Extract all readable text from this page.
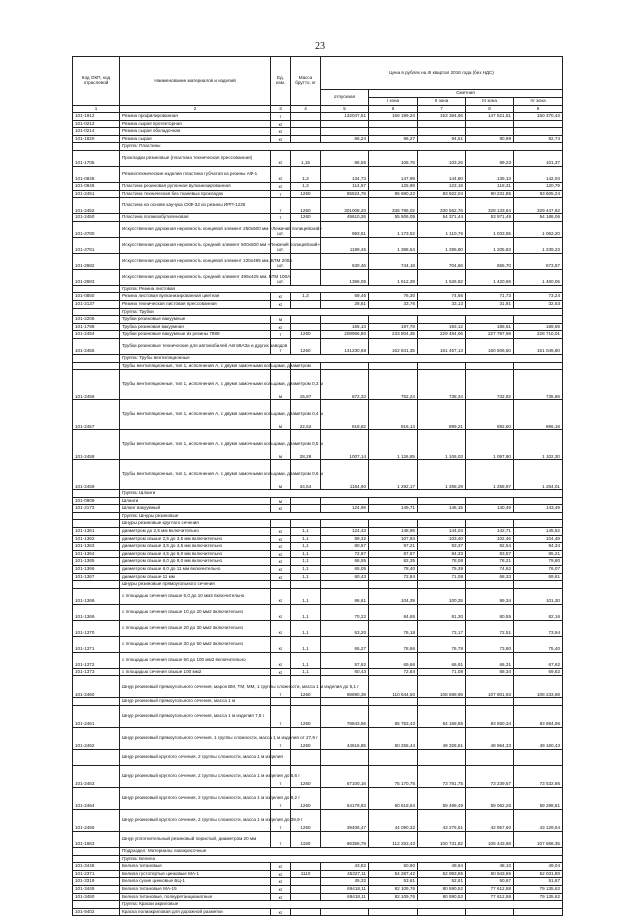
23
Код ОКП, код отраслевой	Наименование материалов и изделий	Ед. изм.	Масса брутто, кг	Цена в рублях на III квартал 2016 года (без НДС)				
				отпускная	Сметная			
					I зона	II зона	III зона	IV зона
1	2	3	4	5	6	7	8	9
101-1912	Резина профилированная	т		132047,51	156 199,24	153 384,66	147 521,51	150 370,43
101-0213	Резина сырая протекторная	кг						
101-0214	Резина сырая обкладочная	кг						
101-1820	Резина сырая	кг		86,24	96,27	94,51	90,99	92,74
	Группа: Пластины							
101-1705	Прокладки резиновые (пластина техническая прессованная)	кг	1,15	85,55	105,76	103,26	99,23	101,37
101-0848	Резинотехнические изделия пластина губчатая из резины АФ-1	кг	1,3	134,73	147,99	144,80	139,13	142,04
101-0849	Пластина резиновая рулонная вулканизированная	кг	1,3	114,67	125,98	123,18	118,31	120,79
101-2451	Пластина техническая без тканевых прокладок	т	1260	85524,76	95 690,22	93 922,04	90 231,85	93 605,24
101-2452	Пластина на основе каучука СКФ-32 из резины ИРП-1225	т	1260	301008,20	336 786,02	330 562,76	328 133,64	329 447,82
101-2450	Пластина полиизобутиленовая	т	1260	49610,26	55 506,05	54 371,44	53 971,49	54 188,06
101-2780	Искусственная дорожная неровность концевой элемент 250х500 мм «Лежачий полицейский»	шт.		993,61	1 173,52	1 110,76	1 033,55	1 062,20
101-2781	Искусственная дорожная неровность средний элемент 500х500 мм «Лежачий полицейский»	шт.		1199,45	1 388,54	1 295,90	1 205,83	1 239,23
101-2682	Искусственная дорожная неровность концевой элемент 220х495 мм, БТМ 200А	шт.		630,46	744,18	704,66	655,70	673,67
101-2683	Искусственная дорожная неровность средний элемент 495х425 мм, БТМ 100А	шт.		1366,05	1 612,39	1 526,82	1 420,69	1 460,05
	Группа: Резина листовая							
101-0850	Резина листовая вулканизированная цветная	кг	1,3	69,46	76,30	74,66	71,73	73,24
101-2137	Резина техническая листовая прессованная	кг		28,61	33,76	33,13	31,91	32,53
	Группа: Трубки							
101-2206	Трубки резиновые вакуумные	м						
101-1798	Трубка резиновая вакуумная	кг		165,13	197,78	193,12	185,61	189,59
101-2454	Трубки резиновые вакуумные из резины 7889	т	1260	208966,80	233 804,35	229 484,06	227 797,69	228 710,01
101-2455	Трубки резиновые технические для автомобилей АвтоВАЗа и других заводов	т	1260	141230,68	162 841,35	161 457,13	160 506,50	161 045,80
	Группа: Трубы вентиляционные							
	Трубы вентиляционные, тип 1, исполнения А, с двумя замочными кольцами, диаметром							
101-2456	Трубы вентиляционные, тип 1, исполнения А, с двумя замочными кольцами, диаметром 0,3 м	м	15,87	672,33	752,24	738,34	732,92	735,86
101-2457	Трубы вентиляционные, тип 1, исполнения А, с двумя замочными кольцами, диаметром 0,4 м	м	22,52	818,82	916,14	899,21	892,60	896,18
101-2458	Трубы вентиляционные, тип 1, исполнения А, с двумя замочными кольцами, диаметром 0,5 м	м	28,28	1007,14	1 126,85	1 106,03	1 097,90	1 102,30
101-2459	Трубы вентиляционные, тип 1, исполнения А, с двумя замочными кольцами, диаметром 0,6 м	м	34,54	1154,90	1 292,17	1 268,29	1 258,97	1 264,01
	Группа: Шланги							
101-0909	Шланги	м						
101-2173	Шланг вакуумный	кг		124,98	149,71	146,15	140,49	143,49
	Группа: Шнуры резиновые							
	Шнуры резиновые круглого сечения							
101-1361	диаметром до 2,5 мм включительно	кг	1,1	124,43	148,95	144,04	142,71	145,52
101-1362	диаметром свыше 2,5 до 3,5 мм включительно	кг	1,1	89,32	107,84	103,40	102,46	104,48
101-1363	диаметром свыше 3,5 до 4,5 мм включительно	кг	1,1	80,67	97,21	93,37	92,54	94,34
101-1364	диаметром свыше 4,5 до 6,0 мм включительно	кг	1,1	72,87	87,87	84,33	83,57	85,21
101-1365	диаметром свыше 6,0 до 8,0 мм включительно	кг	1,1	66,55	82,35	78,08	78,21	79,80
101-1366	диаметром свыше 8,0 до 11 мм включительно	кг	1,1	65,05	78,40	75,39	74,62	76,07
101-1367	диаметром свыше 11 мм	кг	1,1	60,43	72,84	71,08	68,33	69,81
	Шнуры резиновые прямоугольного сечения							
101-1368	с площадью сечения свыше 5,0 до 10 мм2 включительно	кг	1,1	86,61	104,39	100,35	99,34	101,30
101-1369	с площадью сечения свыше 10 до 20 мм2 включительно	кг	1,1	70,22	84,65	81,30	80,55	82,16
101-1370	с площадью сечения свыше 20 до 30 мм2 включительно	кг	1,1	63,20	76,18	73,17	72,51	73,94
101-1371	с площадью сечения свыше 30 до 50 мм2 включительно	кг	1,1	65,27	78,66	76,78	73,80	75,40
101-1372	с площадью сечения свыше 50 до 100 мм2 включительно	кг	1,1	57,62	69,66	66,91	66,31	67,62
101-1373	с площадью сечения свыше 100 мм2	кг	1,1	60,43	72,84	71,08	68,34	69,82
101-2460	Шнур резиновый прямоугольного сечения, марок ВМ, ТМ, ММ, 1 группы сложности, масса 1 м изделия до 5,1 г	т	1260	98890,39	110 644,50	108 599,96	107 801,93	108 233,68
	Шнур резиновый прямоугольного сечения, масса 1 м							
101-2461	Шнур резиновый прямоугольного сечения, масса 1 м изделия 7,8 г	т	1260	78843,56	85 753,43	84 168,85	83 550,34	83 884,96
101-2462	Шнур резиновый прямоугольного сечения, 1 группы сложности, масса 1 м изделия от 27,9 г	т	1260	44616,85	50 255,44	49 326,81	48 964,33	49 160,43
	Шнур резиновый круглого сечения, 2 группы сложности, масса 1 м изделия							
101-2463	Шнур резиновый круглого сечения, 2 группы сложности, масса 1 м изделия до 5,6 г	т	1260	67100,16	75 170,76	73 781,75	73 239,57	73 532,86
101-2464	Шнур резиновый круглого сечения, 2 группы сложности, масса 1 м изделия до 9,2 г	т	1260	54179,83	60 619,64	59 499,49	59 062,26	59 298,81
101-2465	Шнур резиновый круглого сечения, 2 группы сложности, масса 1 м изделия до 39,9 г	т	1260	39406,47	44 090,32	43 275,61	42 957,60	43 129,64
101-1663	Шнур уплотнительный резиновый пористый, диаметром 20 мм	т	1150	96356,79	112 253,43	100 731,82	105 443,68	107 668,35
	Подраздел: Материалы лакокрасочные							
	Группа: Белила							
101-3448	Белила титановые	кг		43,82	50,80	49,94	48,10	49,04
101-2371	Белила густотертые цинковые МА-1	кг	1110	45327,11	54 287,42	52 993,85	50 943,66	52 031,80
101-3319	Белила сухие цинковые БЦ-1	кг		45,32	53,61	52,61	50,67	51,67
101-3449	Белила титановые МА-15	кг		69418,11	82 109,76	80 590,52	77 612,58	79 135,62
101-3450	Белила титановые, полиуретанцианатные	кг		69418,11	82 109,76	80 590,52	77 612,58	79 135,62
	Группа: Краски акриловые							
101-9402	Краска полиакриловая для дорожной разметки	кг						
